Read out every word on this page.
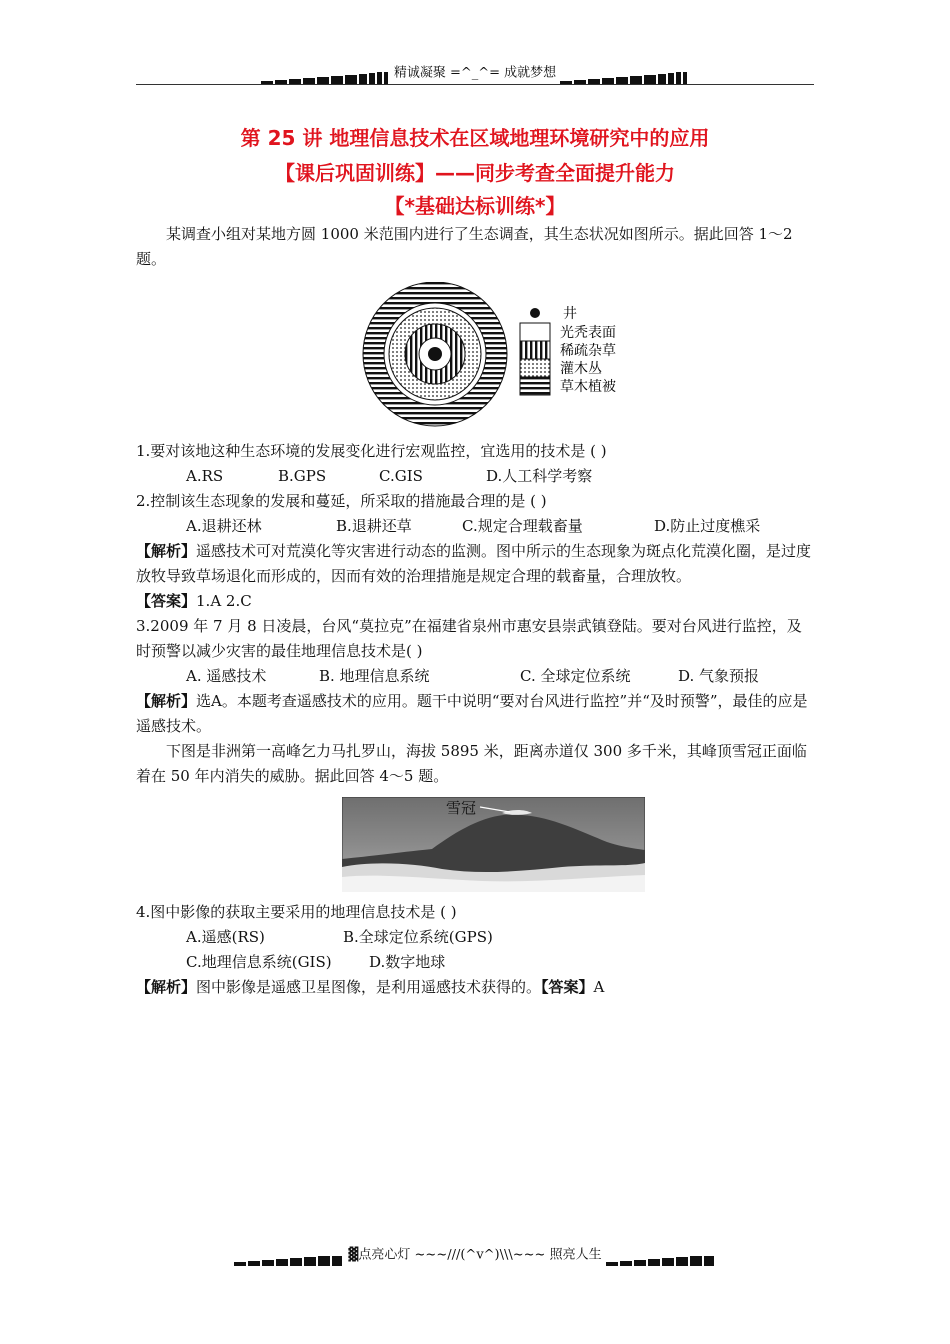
精诚凝聚 =^_^= 成就梦想
第 25 讲 地理信息技术在区域地理环境研究中的应用
【课后巩固训练】——同步考查全面提升能力
【*基础达标训练*】
某调查小组对某地方圆 1000 米范围内进行了生态调查，其生态状况如图所示。据此回答 1～2 题。
井
光秃表面
稀疏杂草
灌木丛
草木植被
1.要对该地这种生态环境的发展变化进行宏观监控，宜选用的技术是 ( )
A.RS	B.GPS	C.GIS	D.人工科学考察
2.控制该生态现象的发展和蔓延，所采取的措施最合理的是 ( )
A.退耕还林	B.退耕还草	C.规定合理载畜量	D.防止过度樵采
【解析】遥感技术可对荒漠化等灾害进行动态的监测。图中所示的生态现象为斑点化荒漠化圈，是过度放牧导致草场退化而形成的，因而有效的治理措施是规定合理的载畜量，合理放牧。
【答案】1.A 2.C
3.2009 年 7 月 8 日凌晨，台风“莫拉克”在福建省泉州市惠安县崇武镇登陆。要对台风进行监控，及时预警以减少灾害的最佳地理信息技术是( )
A. 遥感技术	B. 地理信息系统	C. 全球定位系统	D. 气象预报
【解析】选A。本题考查遥感技术的应用。题干中说明“要对台风进行监控”并“及时预警”，最佳的应是遥感技术。
下图是非洲第一高峰乞力马扎罗山，海拔 5895 米，距离赤道仅 300 多千米，其峰顶雪冠正面临着在 50 年内消失的威胁。据此回答 4～5 题。
雪冠
4.图中影像的获取主要采用的地理信息技术是 ( )
A.遥感(RS)	B.全球定位系统(GPS)
C.地理信息系统(GIS) D.数字地球
【解析】图中影像是遥感卫星图像，是利用遥感技术获得的。【答案】A
▓点亮心灯 ~~~///(^v^)\\\~~~ 照亮人生
